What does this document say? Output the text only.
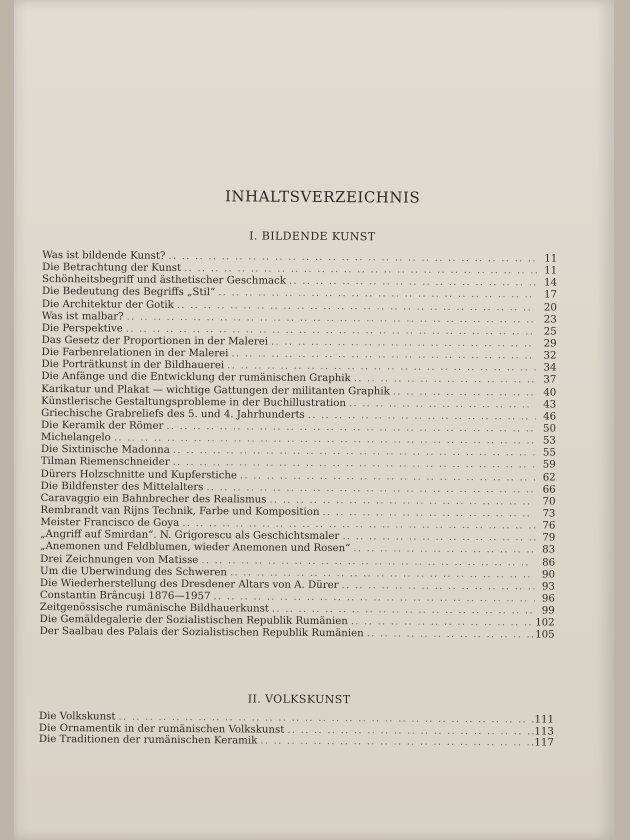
INHALTSVERZEICHNIS
I. BILDENDE KUNST
Was ist bildende Kunst? .. ..	11
Die Betrachtung der Kunst .. ..	11
Schönheitsbegriff und ästhetischer Geschmack .. ..	14
Die Bedeutung des Begriffs „Stil“ .. ..	17
Die Architektur der Gotik .. ..	20
Was ist malbar? .. ..	23
Die Perspektive .. ..	25
Das Gesetz der Proportionen in der Malerei .. ..	29
Die Farbenrelationen in der Malerei .. ..	32
Die Porträtkunst in der Bildhauerei .. ..	34
Die Anfänge und die Entwicklung der rumänischen Graphik .. ..	37
Karikatur und Plakat — wichtige Gattungen der militanten Graphik .. ..	40
Künstlerische Gestaltungsprobleme in der Buchillustration .. ..	43
Griechische Grabreliefs des 5. und 4. Jahrhunderts .. ..	46
Die Keramik der Römer .. ..	50
Michelangelo .. ..	53
Die Sixtinische Madonna .. ..	55
Tilman Riemenschneider .. ..	59
Dürers Holzschnitte und Kupferstiche .. ..	62
Die Bildfenster des Mittelalters .. ..	66
Caravaggio ein Bahnbrecher des Realismus .. ..	70
Rembrandt van Rijns Technik, Farbe und Komposition .. ..	73
Meister Francisco de Goya .. ..	76
„Angriff auf Smirdan“. N. Grigorescu als Geschichtsmaler .. ..	79
„Anemonen und Feldblumen, wieder Anemonen und Rosen“ .. ..	83
Drei Zeichnungen von Matisse .. ..	86
Um die Überwindung des Schweren .. ..	90
Die Wiederherstellung des Dresdener Altars von A. Dürer .. ..	93
Constantin Brâncuşi 1876—1957 .. ..	96
Zeitgenössische rumänische Bildhauerkunst .. ..	99
Die Gemäldegalerie der Sozialistischen Republik Rumänien .. ..	102
Der Saalbau des Palais der Sozialistischen Republik Rumänien .. ..	105
II. VOLKSKUNST
Die Volkskunst .. ..	111
Die Ornamentik in der rumänischen Volkskunst .. ..	113
Die Traditionen der rumänischen Keramik .. ..	117
